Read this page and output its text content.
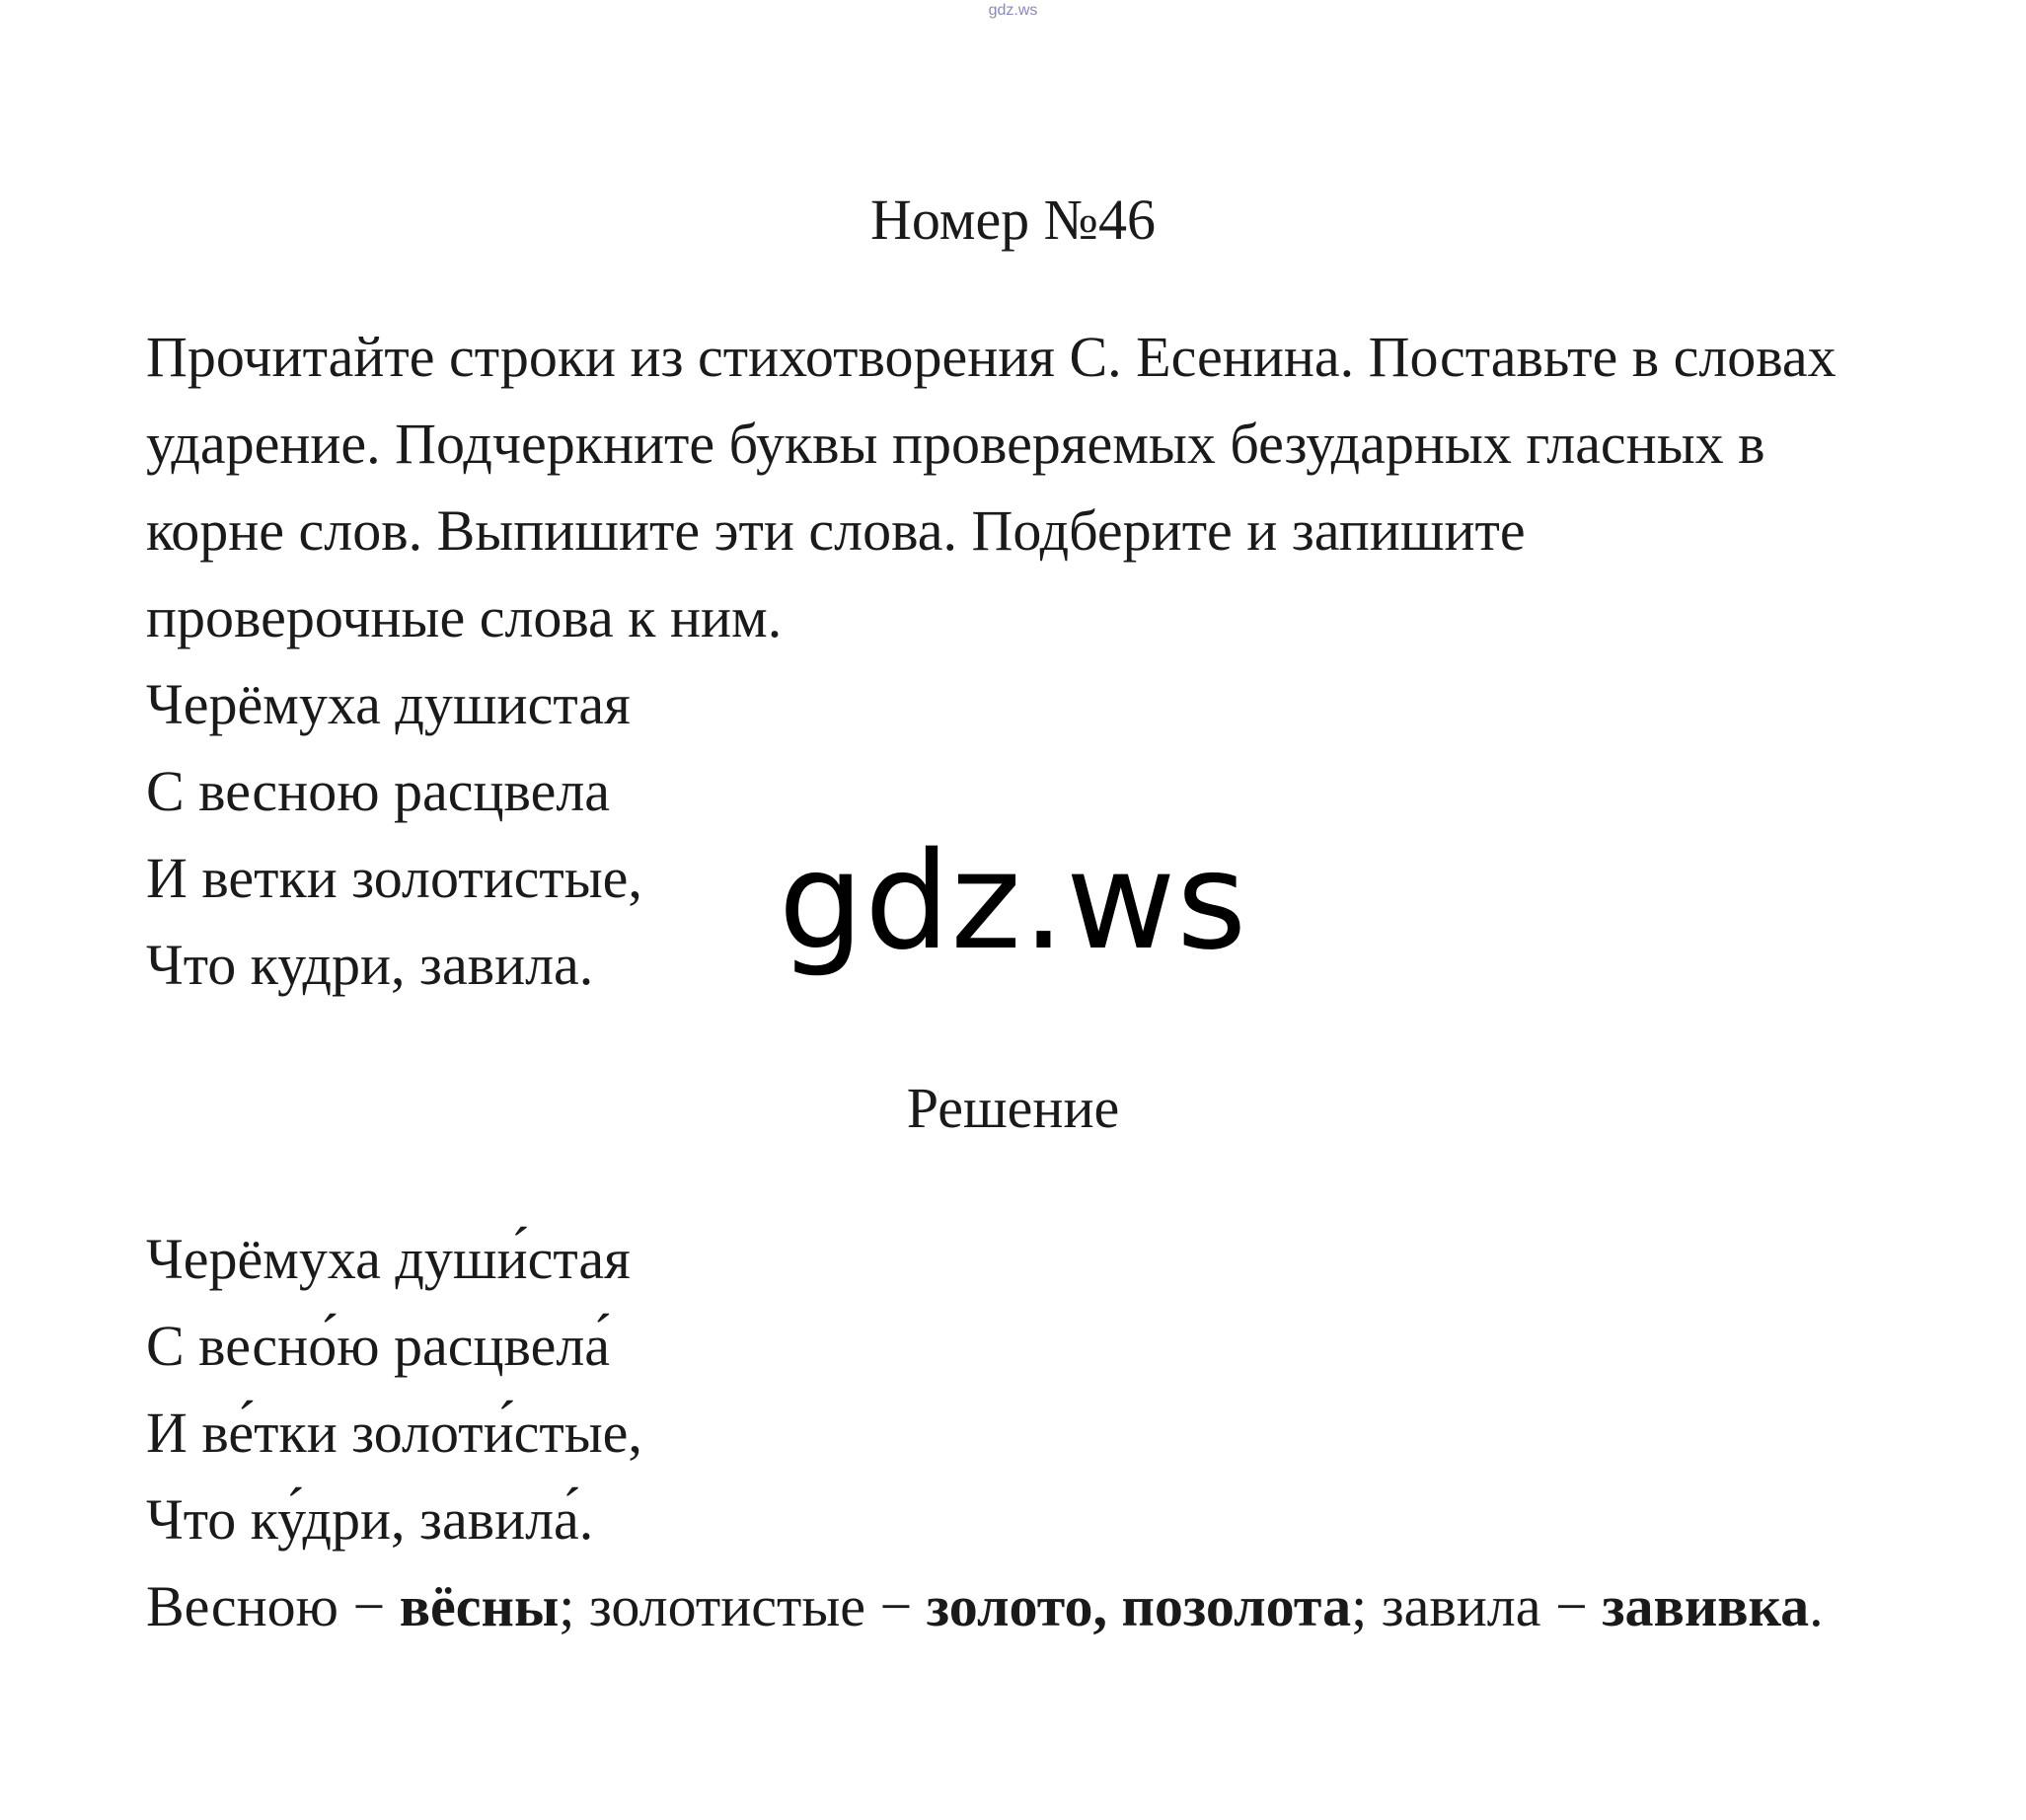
gdz.ws
Номер №46
Прочитайте строки из стихотворения С. Есенина. Поставьте в словах
ударение. Подчеркните буквы проверяемых безударных гласных в
корне слов. Выпишите эти слова. Подберите и запишите
проверочные слова к ним.
Черёмуха душистая
С весною расцвела
И ветки золотистые,
Что кудри, завила.	gdz.ws
Решение
Черёмуха души́стая
С весно́ю расцвела́
И ве́тки золоти́стые,
Что ку́дри, завила́.
Весною − вёсны; золотистые − золото, позолота; завила − завивка.
